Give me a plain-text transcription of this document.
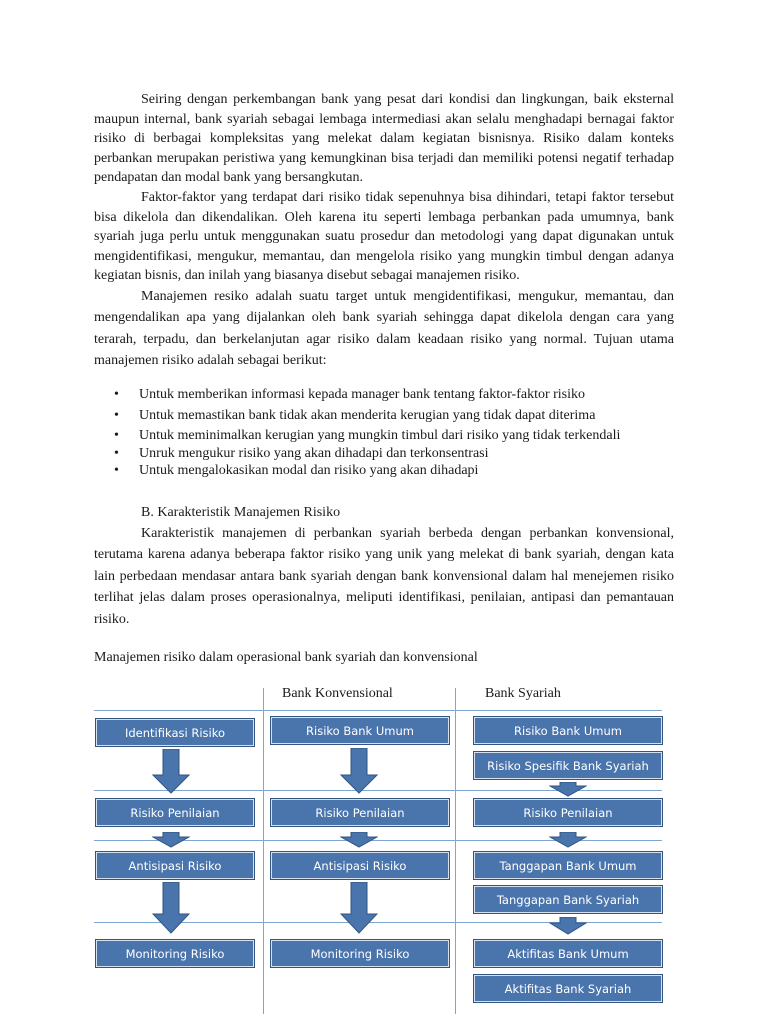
Seiring dengan perkembangan bank yang pesat dari kondisi dan lingkungan, baik eksternal maupun internal, bank syariah sebagai lembaga intermediasi akan selalu menghadapi bernagai faktor risiko di berbagai kompleksitas yang melekat dalam kegiatan bisnisnya. Risiko dalam konteks perbankan merupakan peristiwa yang kemungkinan bisa terjadi dan memiliki potensi negatif terhadap pendapatan dan modal bank yang bersangkutan.

Faktor-faktor yang terdapat dari risiko tidak sepenuhnya bisa dihindari, tetapi faktor tersebut bisa dikelola dan dikendalikan. Oleh karena itu seperti lembaga perbankan pada umumnya, bank syariah juga perlu untuk menggunakan suatu prosedur dan metodologi yang dapat digunakan untuk mengidentifikasi, mengukur, memantau, dan mengelola risiko yang mungkin timbul dengan adanya kegiatan bisnis, dan inilah yang biasanya disebut sebagai manajemen risiko.

Manajemen resiko adalah suatu target untuk mengidentifikasi, mengukur, memantau, dan mengendalikan apa yang dijalankan oleh bank syariah sehingga dapat dikelola dengan cara yang terarah, terpadu, dan berkelanjutan agar risiko dalam keadaan risiko yang normal. Tujuan utama manajemen risiko adalah sebagai berikut:

• Untuk memberikan informasi kepada manager bank tentang faktor-faktor risiko
• Untuk memastikan bank tidak akan menderita kerugian yang tidak dapat diterima
• Untuk meminimalkan kerugian yang mungkin timbul dari risiko yang tidak terkendali
• Unruk mengukur risiko yang akan dihadapi dan terkonsentrasi
• Untuk mengalokasikan modal dan risiko yang akan dihadapi
B. Karakteristik Manajemen Risiko

Karakteristik manajemen di perbankan syariah berbeda dengan perbankan konvensional, terutama karena adanya beberapa faktor risiko yang unik yang melekat di bank syariah, dengan kata lain perbedaan mendasar antara bank syariah dengan bank konvensional dalam hal menejemen risiko terlihat jelas dalam proses operasionalnya, meliputi identifikasi, penilaian, antipasi dan pemantauan risiko.

Manajemen risiko dalam operasional bank syariah dan konvensional
Bank Konvensional	Bank Syariah
Identifikasi Risiko
Risiko Penilaian
Antisipasi Risiko
Monitoring Risiko
Risiko Bank Umum
Risiko Penilaian
Antisipasi Risiko
Monitoring Risiko
Risiko Bank Umum
Risiko Spesifik Bank Syariah
Risiko Penilaian
Tanggapan Bank Umum
Tanggapan Bank Syariah
Aktifitas Bank Umum
Aktifitas Bank Syariah
